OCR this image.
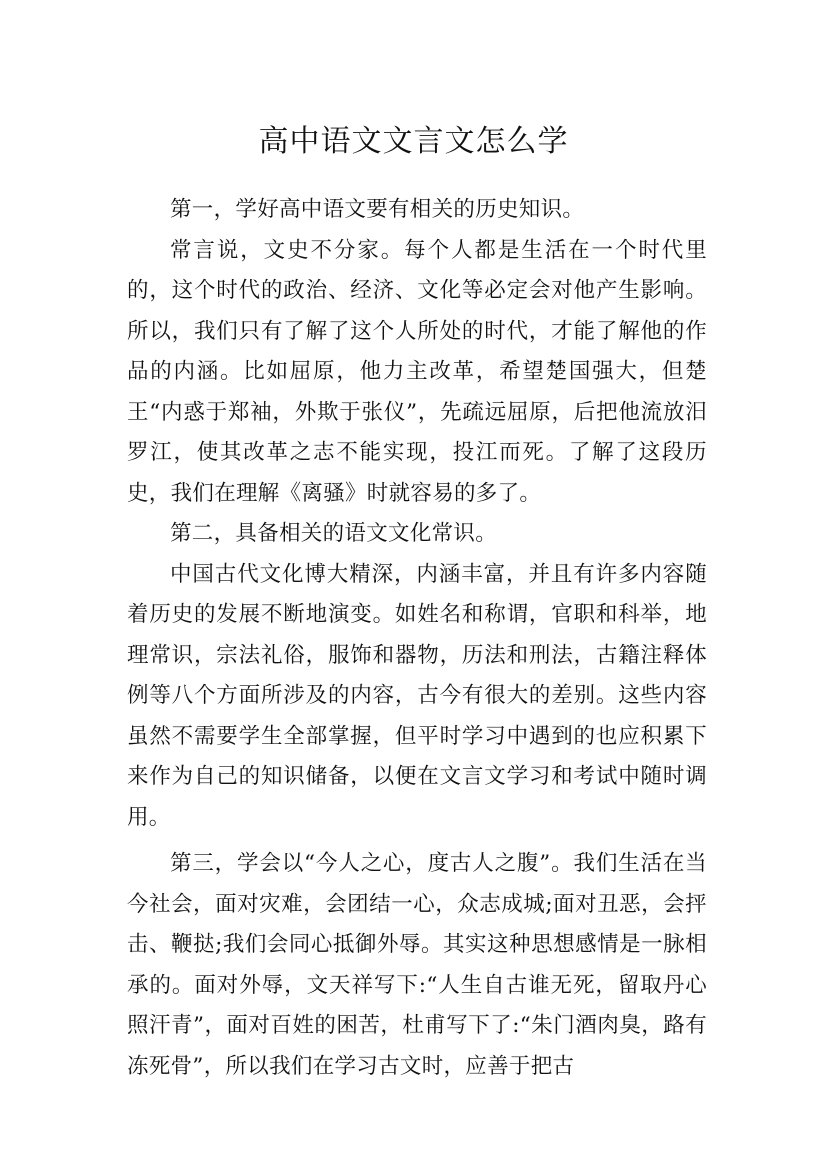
高中语文文言文怎么学

第一，学好高中语文要有相关的历史知识。

常言说，文史不分家。每个人都是生活在一个时代里的，这个时代的政治、经济、文化等必定会对他产生影响。所以，我们只有了解了这个人所处的时代，才能了解他的作品的内涵。比如屈原，他力主改革，希望楚国强大，但楚王“内惑于郑袖，外欺于张仪”，先疏远屈原，后把他流放汨罗江，使其改革之志不能实现，投江而死。了解了这段历史，我们在理解《离骚》时就容易的多了。

第二，具备相关的语文文化常识。

中国古代文化博大精深，内涵丰富，并且有许多内容随着历史的发展不断地演变。如姓名和称谓，官职和科举，地理常识，宗法礼俗，服饰和器物，历法和刑法，古籍注释体例等八个方面所涉及的内容，古今有很大的差别。这些内容虽然不需要学生全部掌握，但平时学习中遇到的也应积累下来作为自己的知识储备，以便在文言文学习和考试中随时调用。

第三，学会以“今人之心，度古人之腹”。我们生活在当今社会，面对灾难，会团结一心，众志成城;面对丑恶，会抨击、鞭挞;我们会同心抵御外辱。其实这种思想感情是一脉相承的。面对外辱，文天祥写下:“人生自古谁无死，留取丹心照汗青”，面对百姓的困苦，杜甫写下了:“朱门酒肉臭，路有冻死骨”，所以我们在学习古文时，应善于把古
